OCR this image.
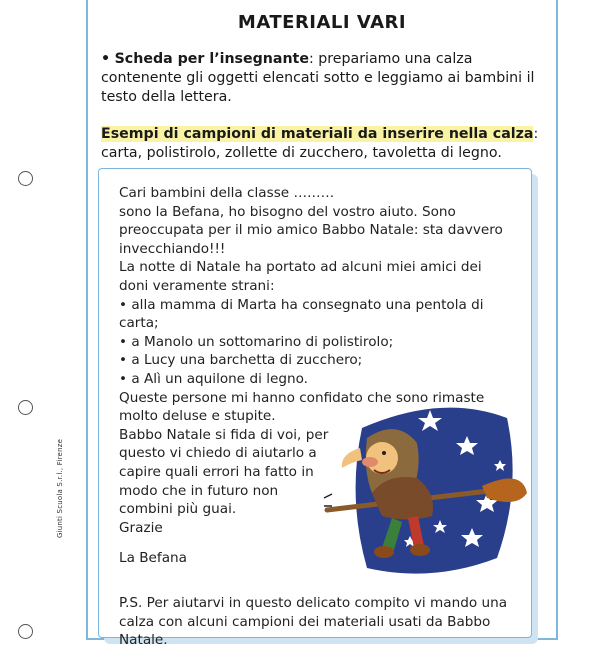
Giunti Scuola S.r.l., Firenze
MATERIALI VARI
• Scheda per l’insegnante: prepariamo una calza contenente gli oggetti elencati sotto e leggiamo ai bambini il testo della lettera.
Esempi di campioni di materiali da inserire nella calza: carta, polistirolo, zollette di zucchero, tavoletta di legno.

Cari bambini della classe ………

sono la Befana, ho bisogno del vostro aiuto. Sono preoccupata per il mio amico Babbo Natale: sta davvero invecchiando!!!

La notte di Natale ha portato ad alcuni miei amici dei doni veramente strani:

• alla mamma di Marta ha consegnato una pentola di carta;

• a Manolo un sottomarino di polistirolo;

• a Lucy una barchetta di zucchero;

• a Alì un aquilone di legno.

Queste persone mi hanno confidato che sono rimaste molto deluse e stupite.

Babbo Natale si fida di voi, per questo vi chiedo di aiutarlo a capire quali errori ha fatto in modo che in futuro non combini più guai.

Grazie

La Befana

P.S. Per aiutarvi in questo delicato compito vi mando una calza con alcuni campioni dei materiali usati da Babbo Natale.
